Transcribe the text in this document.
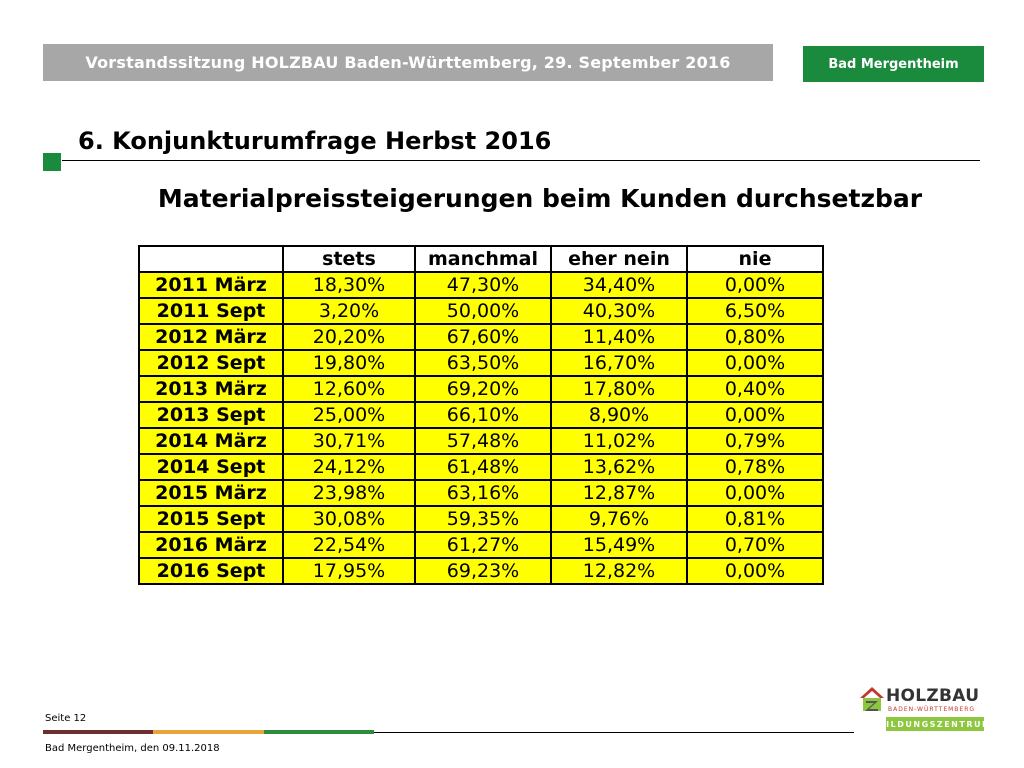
Vorstandssitzung HOLZBAU Baden-Württemberg, 29. September 2016	Bad Mergentheim
6. Konjunkturumfrage Herbst 2016
Materialpreissteigerungen beim Kunden durchsetzbar
	stets	manchmal	eher nein	nie
2011 März	18,30%	47,30%	34,40%	0,00%
2011 Sept	3,20%	50,00%	40,30%	6,50%
2012 März	20,20%	67,60%	11,40%	0,80%
2012 Sept	19,80%	63,50%	16,70%	0,00%
2013 März	12,60%	69,20%	17,80%	0,40%
2013 Sept	25,00%	66,10%	8,90%	0,00%
2014 März	30,71%	57,48%	11,02%	0,79%
2014 Sept	24,12%	61,48%	13,62%	0,78%
2015 März	23,98%	63,16%	12,87%	0,00%
2015 Sept	30,08%	59,35%	9,76%	0,81%
2016 März	22,54%	61,27%	15,49%	0,70%
2016 Sept	17,95%	69,23%	12,82%	0,00%
Seite 12
Bad Mergentheim, den 09.11.2018
HOLZBAU
BADEN-WÜRTTEMBERG
BILDUNGSZENTRUM
